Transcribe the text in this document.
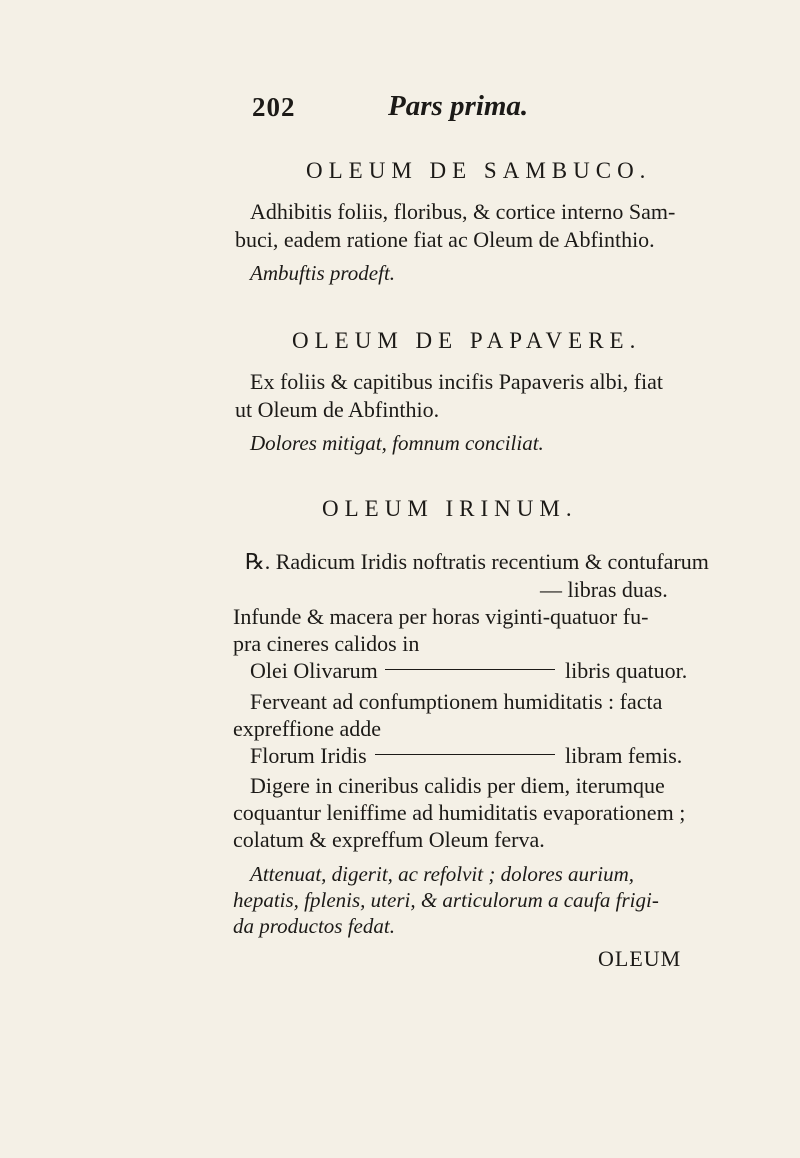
202	Pars prima.
OLEUM DE SAMBUCO.
Adhibitis foliis, floribus, & cortice interno Sam-
buci, eadem ratione fiat ac Oleum de Abfinthio.
Ambuftis prodeft.
OLEUM DE PAPAVERE.
Ex foliis & capitibus incifis Papaveris albi, fiat
ut Oleum de Abfinthio.
Dolores mitigat, fomnum conciliat.
OLEUM IRINUM.
℞. Radicum Iridis noftratis recentium & contufarum
— libras duas.
Infunde & macera per horas viginti-quatuor fu-
pra cineres calidos in
Olei Olivarum	libris quatuor.
Ferveant ad confumptionem humiditatis : facta
expreffione adde
Florum Iridis	libram femis.
Digere in cineribus calidis per diem, iterumque
coquantur leniffime ad humiditatis evaporationem ;
colatum & expreffum Oleum ferva.
Attenuat, digerit, ac refolvit ; dolores aurium,
hepatis, fplenis, uteri, & articulorum a caufa frigi-
da productos fedat.
OLEUM
